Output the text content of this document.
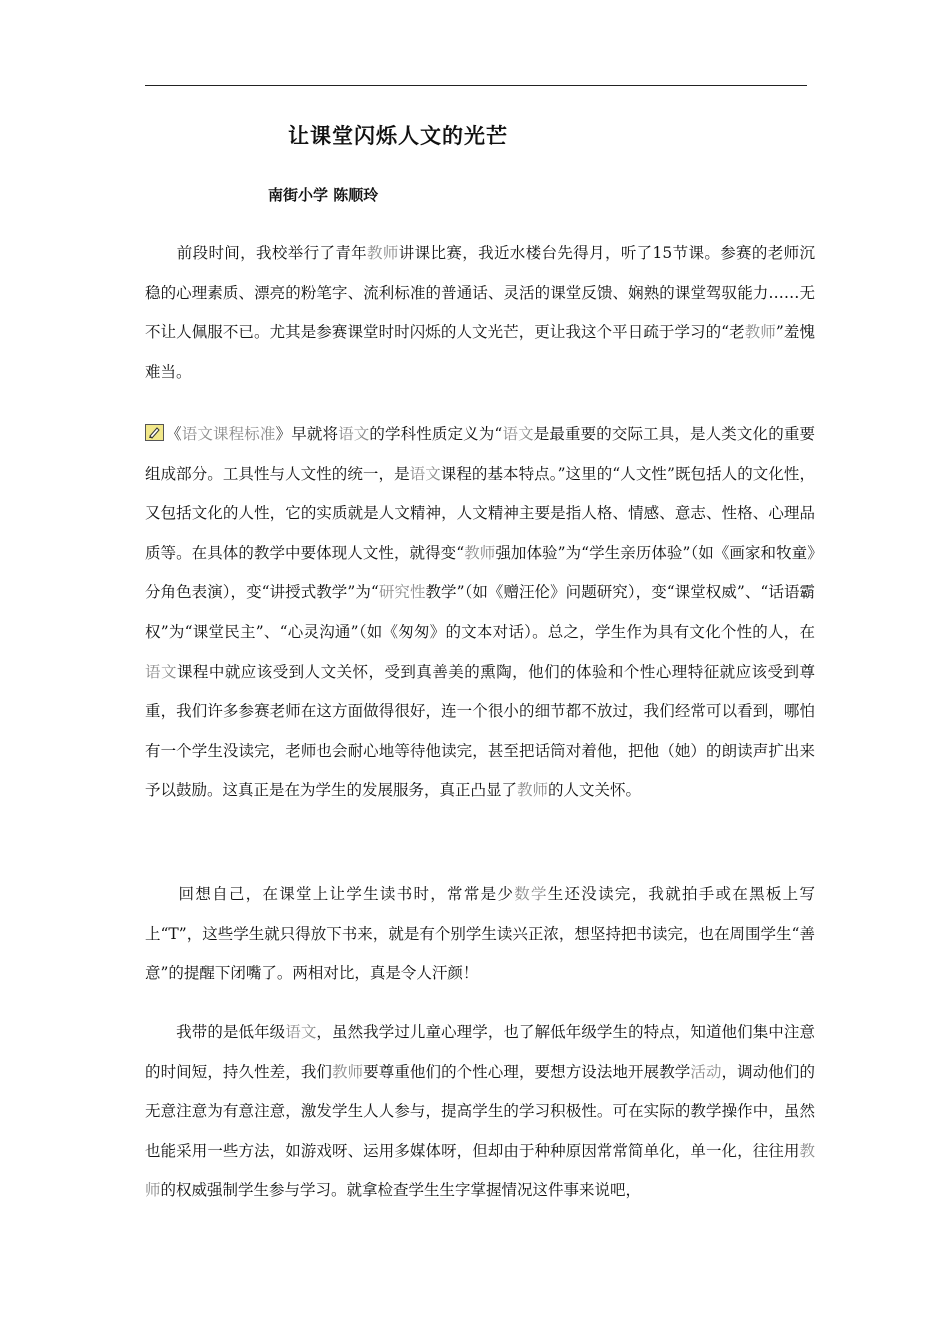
让课堂闪烁人文的光芒

南街小学 陈顺玲

　　前段时间，我校举行了青年教师讲课比赛，我近水楼台先得月，听了15节课。参赛的老师沉稳的心理素质、漂亮的粉笔字、流利标准的普通话、灵活的课堂反馈、娴熟的课堂驾驭能力……无不让人佩服不已。尤其是参赛课堂时时闪烁的人文光芒，更让我这个平日疏于学习的“老教师”羞愧难当。

《语文课程标准》早就将语文的学科性质定义为“语文是最重要的交际工具，是人类文化的重要组成部分。工具性与人文性的统一，是语文课程的基本特点。”这里的“人文性”既包括人的文化性，又包括文化的人性，它的实质就是人文精神，人文精神主要是指人格、情感、意志、性格、心理品质等。在具体的教学中要体现人文性，就得变“教师强加体验”为“学生亲历体验”（如《画家和牧童》分角色表演），变“讲授式教学”为“研究性教学”（如《赠汪伦》问题研究），变“课堂权威”、“话语霸权”为“课堂民主”、“心灵沟通”（如《匆匆》的文本对话）。总之，学生作为具有文化个性的人，在语文课程中就应该受到人文关怀，受到真善美的熏陶，他们的体验和个性心理特征就应该受到尊重，我们许多参赛老师在这方面做得很好，连一个很小的细节都不放过，我们经常可以看到，哪怕有一个学生没读完，老师也会耐心地等待他读完，甚至把话筒对着他，把他（她）的朗读声扩出来予以鼓励。这真正是在为学生的发展服务，真正凸显了教师的人文关怀。

　　回想自己，在课堂上让学生读书时，常常是少数学生还没读完，我就拍手或在黑板上写上“T”，这些学生就只得放下书来，就是有个别学生读兴正浓，想坚持把书读完，也在周围学生“善意”的提醒下闭嘴了。两相对比，真是令人汗颜！

　　我带的是低年级语文，虽然我学过儿童心理学，也了解低年级学生的特点，知道他们集中注意的时间短，持久性差，我们教师要尊重他们的个性心理，要想方设法地开展教学活动，调动他们的无意注意为有意注意，激发学生人人参与，提高学生的学习积极性。可在实际的教学操作中，虽然也能采用一些方法，如游戏呀、运用多媒体呀，但却由于种种原因常常简单化，单一化，往往用教师的权威强制学生参与学习。就拿检查学生生字掌握情况这件事来说吧，
